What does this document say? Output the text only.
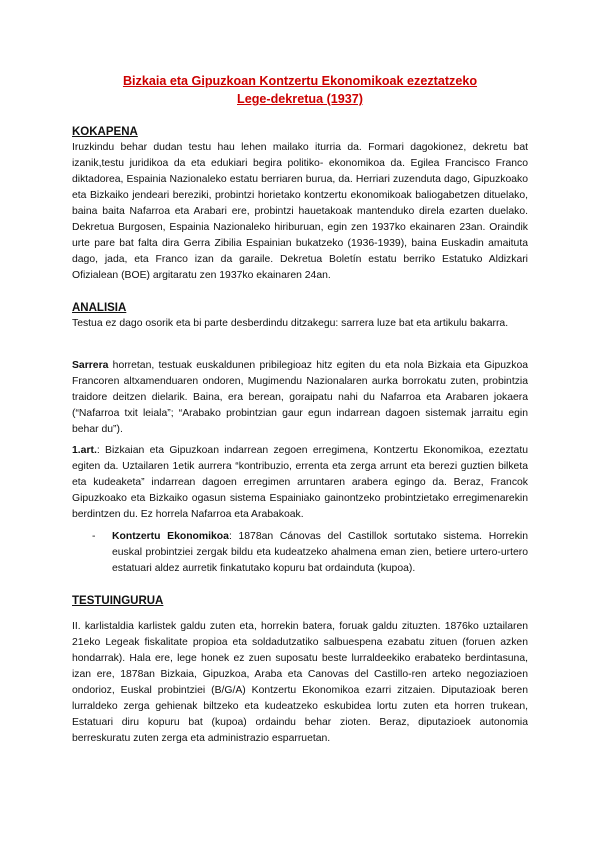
Bizkaia eta Gipuzkoan Kontzertu Ekonomikoak ezeztatzeko
Lege-dekretua (1937)
KOKAPENA

Iruzkindu behar dudan testu hau lehen mailako iturria da. Formari dagokionez, dekretu bat izanik,testu juridikoa da eta edukiari begira politiko- ekonomikoa da. Egilea Francisco Franco diktadorea, Espainia Nazionaleko estatu berriaren burua, da. Herriari zuzenduta dago, Gipuzkoako eta Bizkaiko jendeari bereziki, probintzi horietako kontzertu ekonomikoak baliogabetzen dituelako, baina baita Nafarroa eta Arabari ere, probintzi hauetakoak mantenduko direla ezarten duelako. Dekretua Burgosen, Espainia Nazionaleko hiriburuan, egin zen 1937ko ekainaren 23an. Oraindik urte pare bat falta dira Gerra Zibilia Espainian bukatzeko (1936-1939), baina Euskadin amaituta dago, jada, eta Franco izan da garaile. Dekretua Boletín estatu berriko Estatuko Aldizkari Ofizialean (BOE) argitaratu zen 1937ko ekainaren 24an.

ANALISIA

Testua ez dago osorik eta bi parte desberdindu ditzakegu: sarrera luze bat eta artikulu bakarra.

Sarrera horretan, testuak euskaldunen pribilegioaz hitz egiten du eta nola Bizkaia eta Gipuzkoa Francoren altxamenduaren ondoren, Mugimendu Nazionalaren aurka borrokatu zuten, probintzia traidore deitzen dielarik. Baina, era berean, goraipatu nahi du Nafarroa eta Arabaren jokaera (“Nafarroa txit leiala”; “Arabako probintzian gaur egun indarrean dagoen sistemak jarraitu egin behar du”).

1.art.: Bizkaian eta Gipuzkoan indarrean zegoen erregimena, Kontzertu Ekonomikoa, ezeztatu egiten da. Uztailaren 1etik aurrera “kontribuzio, errenta eta zerga arrunt eta berezi guztien bilketa eta kudeaketa” indarrean dagoen erregimen arruntaren arabera egingo da. Beraz, Francok Gipuzkoako eta Bizkaiko ogasun sistema Espainiako gainontzeko probintzietako erregimenarekin berdintzen du. Ez horrela Nafarroa eta Arabakoak.

- Kontzertu Ekonomikoa: 1878an Cánovas del Castillok sortutako sistema. Horrekin euskal probintziei zergak bildu eta kudeatzeko ahalmena eman zien, betiere urtero-urtero estatuari aldez aurretik finkatutako kopuru bat ordainduta (kupoa).

TESTUINGURUA

II. karlistaldia karlistek galdu zuten eta, horrekin batera, foruak galdu zituzten. 1876ko uztailaren 21eko Legeak fiskalitate propioa eta soldadutzatiko salbuespena ezabatu zituen (foruen azken hondarrak). Hala ere, lege honek ez zuen suposatu beste lurraldeekiko erabateko berdintasuna, izan ere, 1878an Bizkaia, Gipuzkoa, Araba eta Canovas del Castillo-ren arteko negoziazioen ondorioz, Euskal probintziei (B/G/A) Kontzertu Ekonomikoa ezarri zitzaien. Diputazioak beren lurraldeko zerga gehienak biltzeko eta kudeatzeko eskubidea lortu zuten eta horren trukean, Estatuari diru kopuru bat (kupoa) ordaindu behar zioten. Beraz, diputazioek autonomia berreskuratu zuten zerga eta administrazio esparruetan.
